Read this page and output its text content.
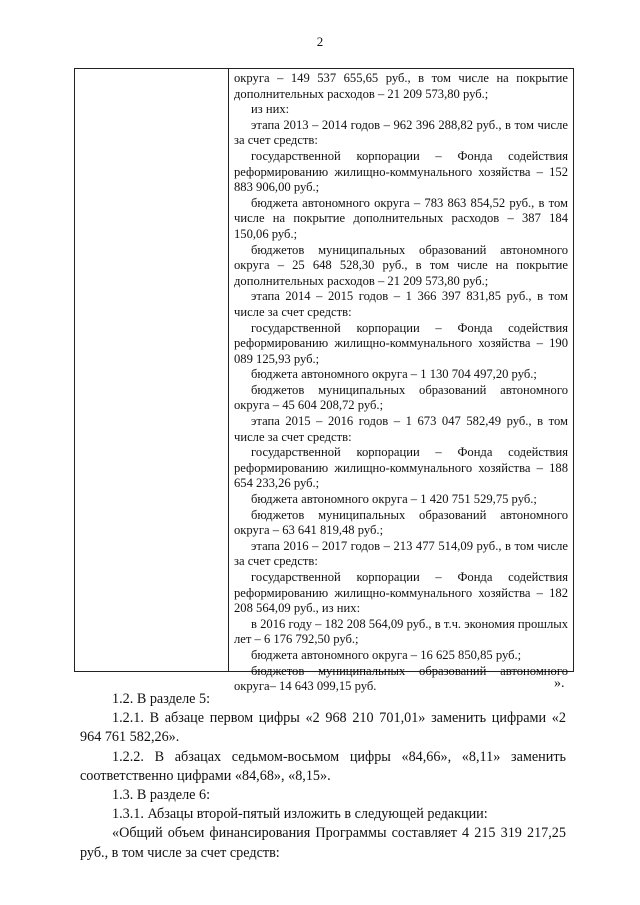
2

округа – 149 537 655,65 руб., в том числе на покрытие дополнительных расходов – 21 209 573,80 руб.;

из них:

этапа 2013 – 2014 годов – 962 396 288,82 руб., в том числе за счет средств:

государственной корпорации – Фонда содействия реформированию жилищно-коммунального хозяйства – 152 883 906,00 руб.;

бюджета автономного округа – 783 863 854,52 руб., в том числе на покрытие дополнительных расходов – 387 184 150,06 руб.;

бюджетов муниципальных образований автономного округа – 25 648 528,30 руб., в том числе на покрытие дополнительных расходов – 21 209 573,80 руб.;

этапа 2014 – 2015 годов – 1 366 397 831,85 руб., в том числе за счет средств:

государственной корпорации – Фонда содействия реформированию жилищно-коммунального хозяйства – 190 089 125,93 руб.;

бюджета автономного округа – 1 130 704 497,20 руб.;

бюджетов муниципальных образований автономного округа – 45 604 208,72 руб.;

этапа 2015 – 2016 годов – 1 673 047 582,49 руб., в том числе за счет средств:

государственной корпорации – Фонда содействия реформированию жилищно-коммунального хозяйства – 188 654 233,26 руб.;

бюджета автономного округа – 1 420 751 529,75 руб.;

бюджетов муниципальных образований автономного округа – 63 641 819,48 руб.;

этапа 2016 – 2017 годов – 213 477 514,09 руб., в том числе за счет средств:

государственной корпорации – Фонда содействия реформированию жилищно-коммунального хозяйства – 182 208 564,09 руб., из них:

в 2016 году – 182 208 564,09 руб., в т.ч. экономия прошлых лет – 6 176 792,50 руб.;

бюджета автономного округа – 16 625 850,85 руб.;

бюджетов муниципальных образований автономного округа– 14 643 099,15 руб.	».

1.2. В разделе 5:

1.2.1. В абзаце первом цифры «2 968 210 701,01» заменить цифрами «2 964 761 582,26».

1.2.2. В абзацах седьмом-восьмом цифры «84,66», «8,11» заменить соответственно цифрами «84,68», «8,15».

1.3. В разделе 6:

1.3.1. Абзацы второй-пятый изложить в следующей редакции:

«Общий объем финансирования Программы составляет 4 215 319 217,25 руб., в том числе за счет средств:
